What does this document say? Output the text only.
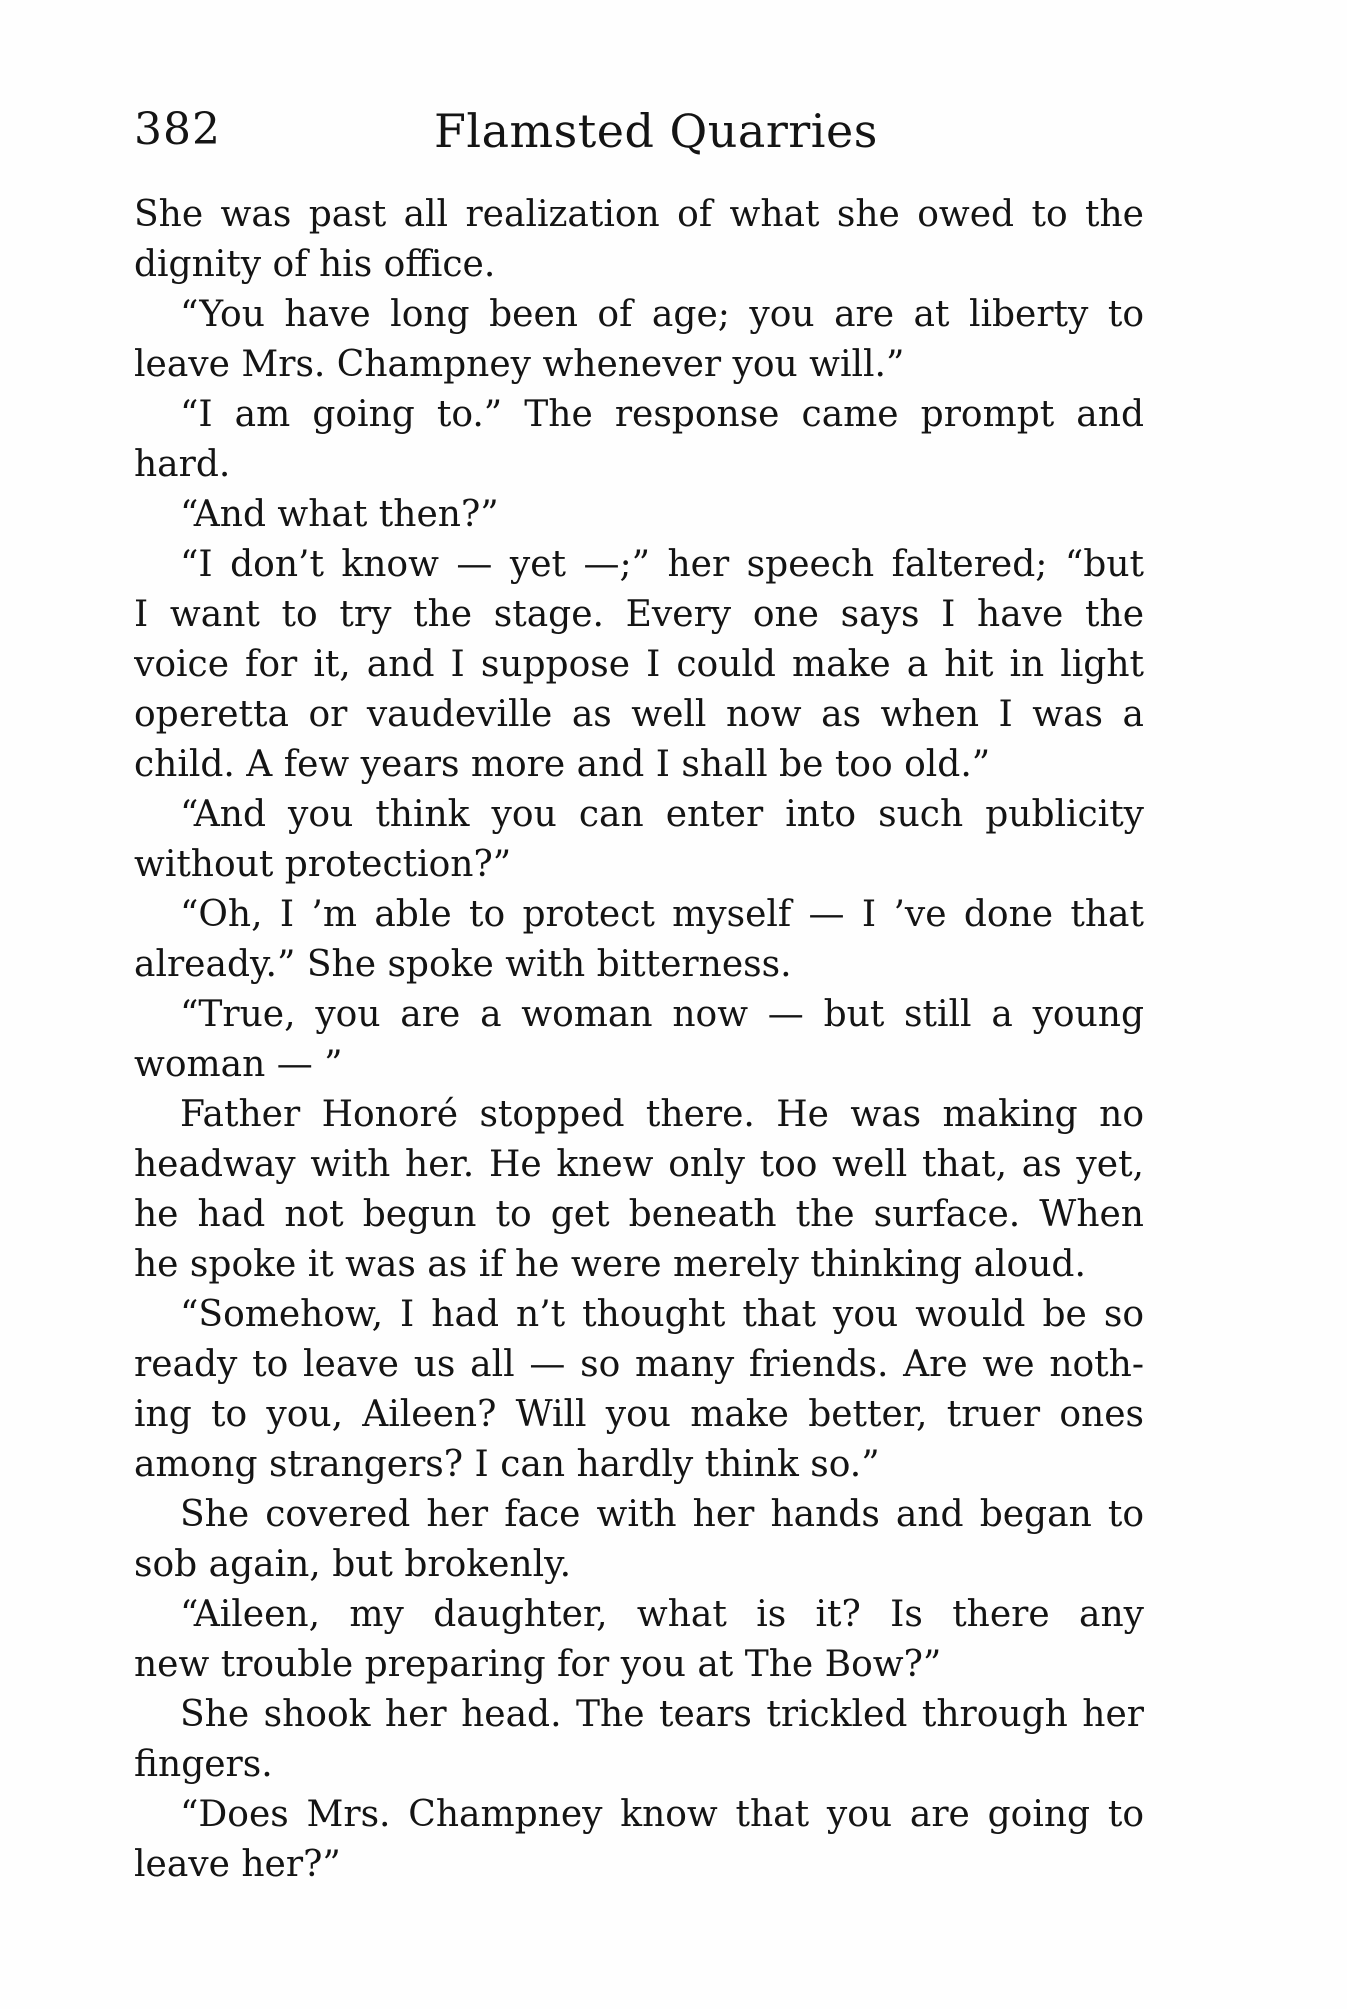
382	Flamsted Quarries
She was past all realization of what she owed to the
dignity of his office.
“You have long been of age; you are at liberty to
leave Mrs. Champney whenever you will.”
“I am going to.” The response came prompt and
hard.
“And what then?”
“I don’t know — yet —;” her speech faltered; “but
I want to try the stage. Every one says I have the
voice for it, and I suppose I could make a hit in light
operetta or vaudeville as well now as when I was a
child. A few years more and I shall be too old.”
“And you think you can enter into such publicity
without protection?”
“Oh, I ’m able to protect myself — I ’ve done that
already.” She spoke with bitterness.
“True, you are a woman now — but still a young
woman — ”
Father Honoré stopped there. He was making no
headway with her. He knew only too well that, as yet,
he had not begun to get beneath the surface. When
he spoke it was as if he were merely thinking aloud.
“Somehow, I had n’t thought that you would be so
ready to leave us all — so many friends. Are we noth-
ing to you, Aileen? Will you make better, truer ones
among strangers? I can hardly think so.”
She covered her face with her hands and began to
sob again, but brokenly.
“Aileen, my daughter, what is it? Is there any
new trouble preparing for you at The Bow?”
She shook her head. The tears trickled through her
fingers.
“Does Mrs. Champney know that you are going to
leave her?”
